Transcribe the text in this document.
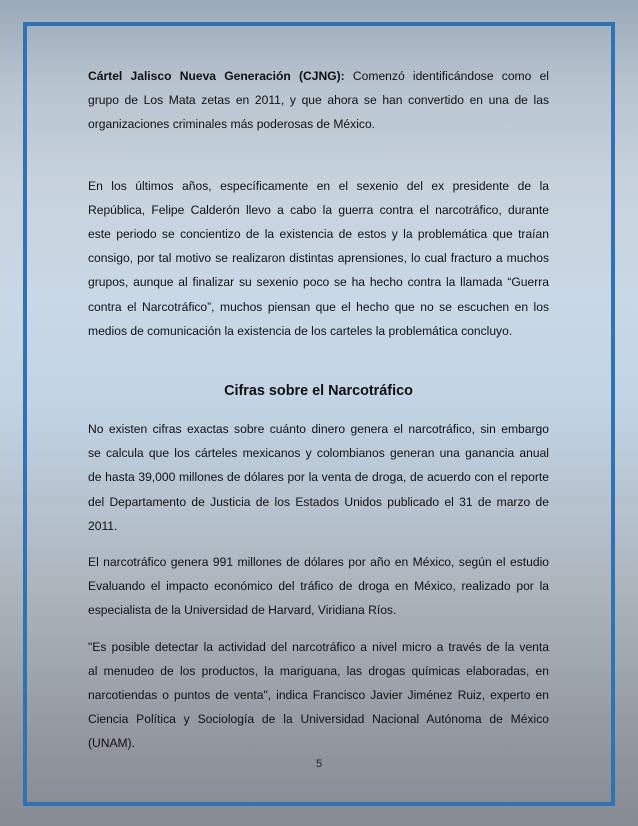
Cártel Jalisco Nueva Generación (CJNG): Comenzó identificándose como el
grupo de Los Mata zetas en 2011, y que ahora se han convertido en una de las
organizaciones criminales más poderosas de México.

En los últimos años, específicamente en el sexenio del ex presidente de la
República, Felipe Calderón llevo a cabo la guerra contra el narcotráfico, durante
este periodo se concientizo de la existencia de estos y la problemática que traían
consigo, por tal motivo se realizaron distintas aprensiones, lo cual fracturo a muchos
grupos, aunque al finalizar su sexenio poco se ha hecho contra la llamada “Guerra
contra el Narcotráfico”, muchos piensan que el hecho que no se escuchen en los
medios de comunicación la existencia de los carteles la problemática concluyo.

Cifras sobre el Narcotráfico

No existen cifras exactas sobre cuánto dinero genera el narcotráfico, sin embargo
se calcula que los cárteles mexicanos y colombianos generan una ganancia anual
de hasta 39,000 millones de dólares por la venta de droga, de acuerdo con el reporte
del Departamento de Justicia de los Estados Unidos publicado el 31 de marzo de
2011.

El narcotráfico genera 991 millones de dólares por año en México, según el estudio
Evaluando el impacto económico del tráfico de droga en México, realizado por la
especialista de la Universidad de Harvard, Viridiana Ríos.

"Es posible detectar la actividad del narcotráfico a nivel micro a través de la venta
al menudeo de los productos, la mariguana, las drogas químicas elaboradas, en
narcotiendas o puntos de venta", indica Francisco Javier Jiménez Ruiz, experto en
Ciencia Política y Sociología de la Universidad Nacional Autónoma de México
(UNAM).

5
